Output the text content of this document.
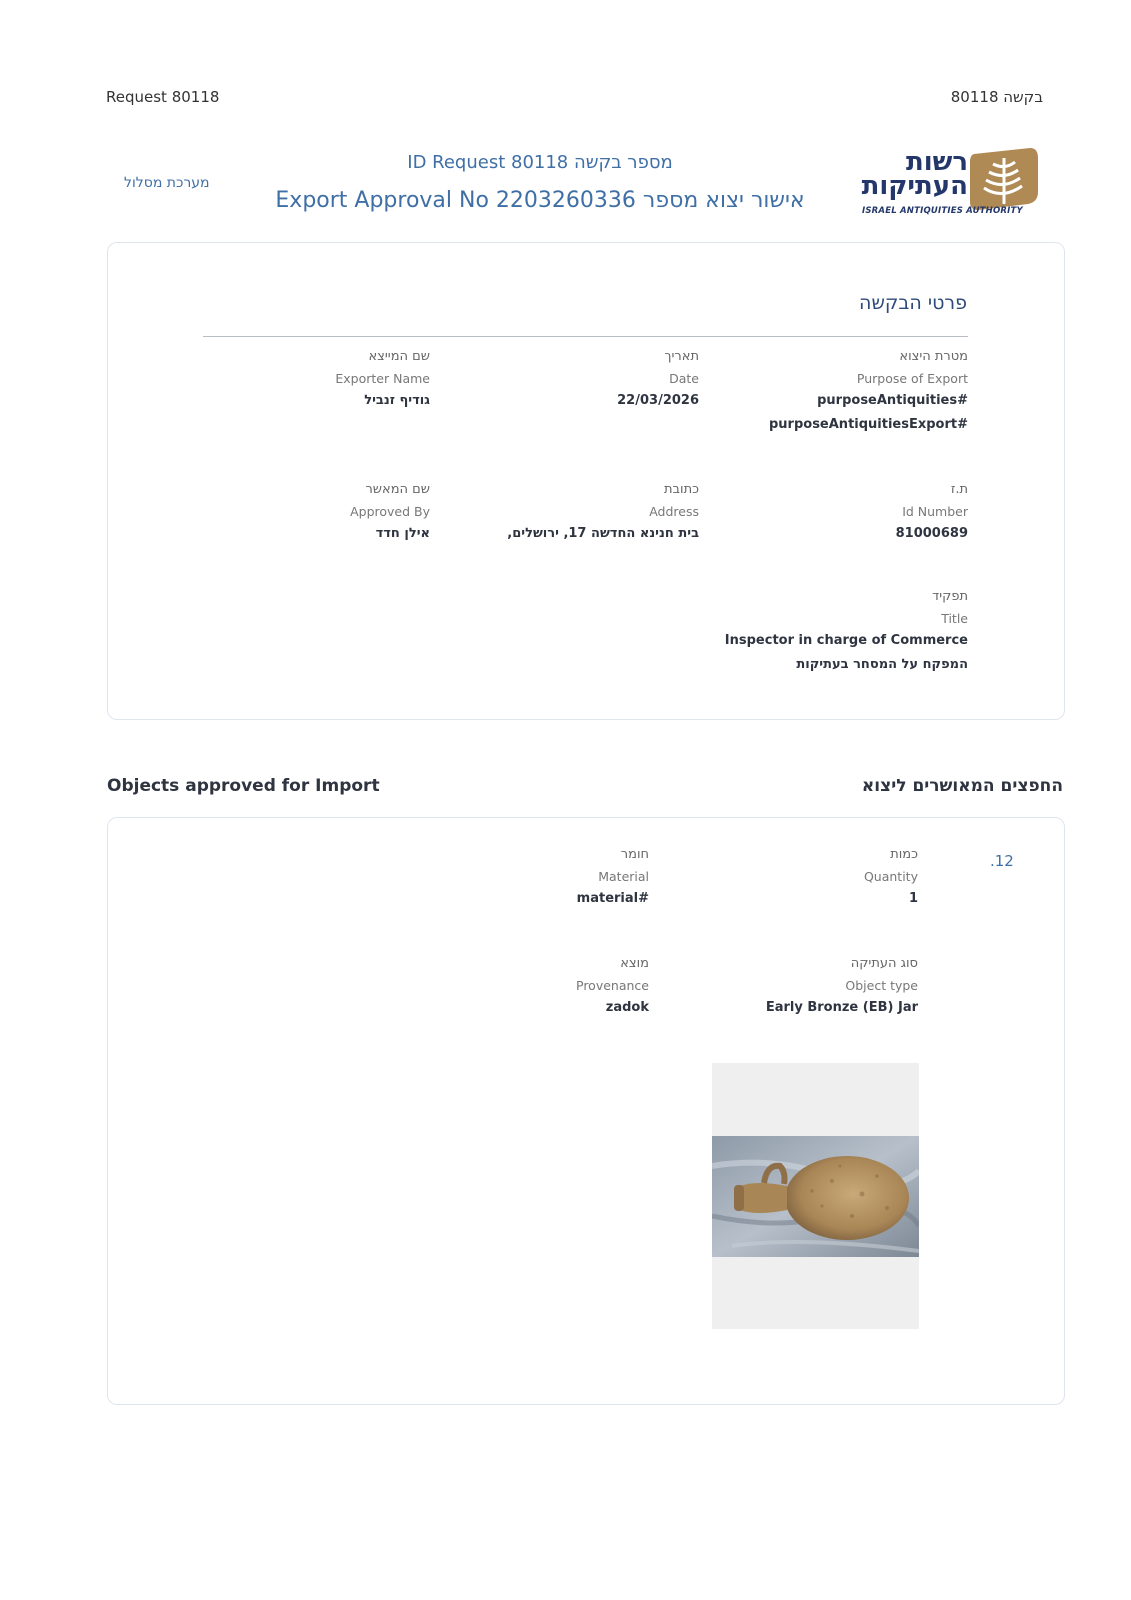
Request 80118	בקשה 80118
מערכת מסלול
ID Request 80118 מספר בקשה
Export Approval No 2203260336 אישור יצוא מספר
רשות
העתיקות
ISRAEL ANTIQUITIES AUTHORITY
פרטי הבקשה
מטרת היצוא
Purpose of Export
purposeAntiquities#
purposeAntiquitiesExport#
תאריך
Date
22/03/2026
שם המייצא
Exporter Name
גודיף זנביל
ת.ז
Id Number
81000689
כתובת
Address
בית חנינא החדשה 17, ירושלים,
שם המאשר
Approved By
אילן חדד
תפקיד
Title
Inspector in charge of Commerce
המפקח על המסחר בעתיקות
Objects approved for Import	החפצים המאושרים ליצוא
.12
כמות
Quantity
1
חומר
Material
material#
סוג העתיקה
Object type
Early Bronze (EB) Jar
מוצא
Provenance
zadok
